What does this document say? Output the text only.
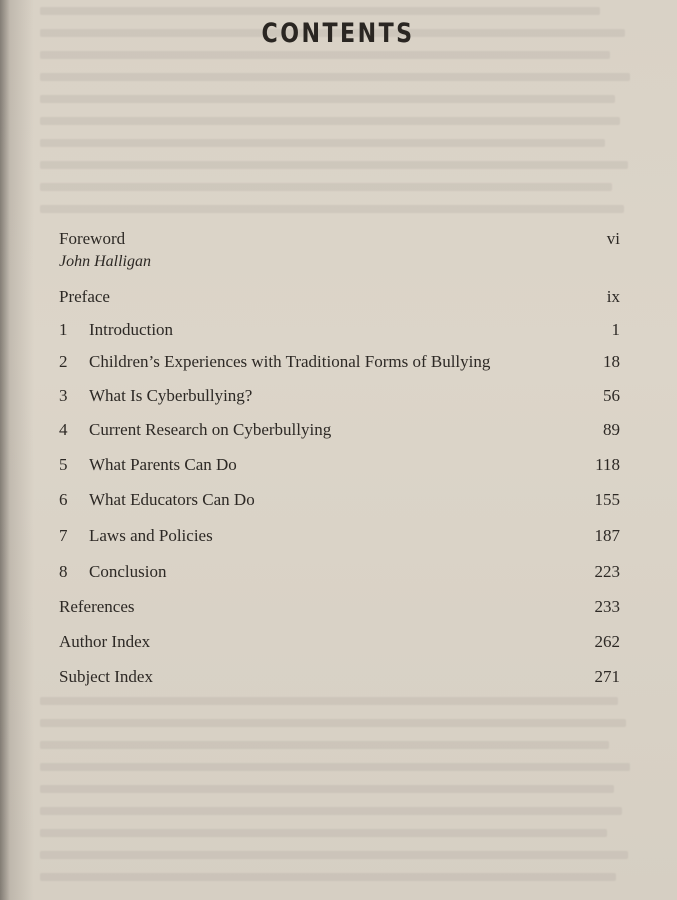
CONTENTS
Foreword	vi
John Halligan
Preface	ix
1 Introduction	1
2 Children’s Experiences with Traditional Forms of Bullying	18
3 What Is Cyberbullying?	56
4 Current Research on Cyberbullying	89
5 What Parents Can Do	118
6 What Educators Can Do	155
7 Laws and Policies	187
8 Conclusion	223
References	233
Author Index	262
Subject Index	271
